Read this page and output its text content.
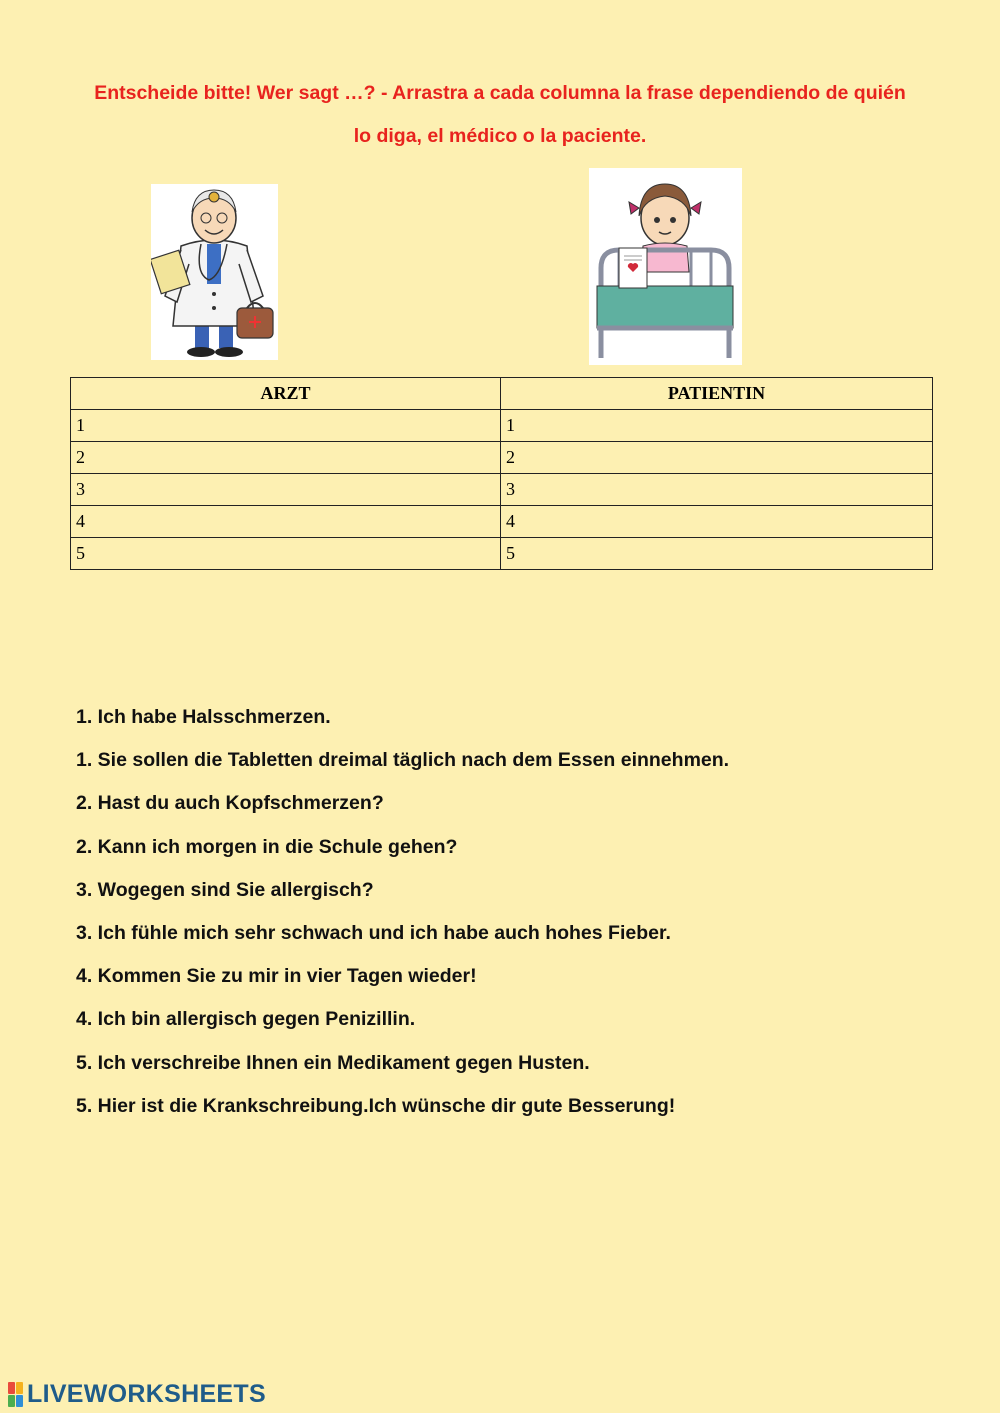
Entscheide bitte! Wer sagt …? - Arrastra a cada columna la frase dependiendo de quién
lo diga, el médico o la paciente.
ARZT	PATIENTIN
1	1
2	2
3	3
4	4
5	5
1. Ich habe Halsschmerzen.
1. Sie sollen die Tabletten dreimal täglich nach dem Essen einnehmen.
2. Hast du auch Kopfschmerzen?
2. Kann ich morgen in die Schule gehen?
3. Wogegen sind Sie allergisch?
3. Ich fühle mich sehr schwach und ich habe auch hohes Fieber.
4. Kommen Sie zu mir in vier Tagen wieder!
4. Ich bin allergisch gegen Penizillin.
5. Ich verschreibe Ihnen ein Medikament gegen Husten.
5. Hier ist die Krankschreibung.Ich wünsche dir gute Besserung!
LIVEWORKSHEETS
